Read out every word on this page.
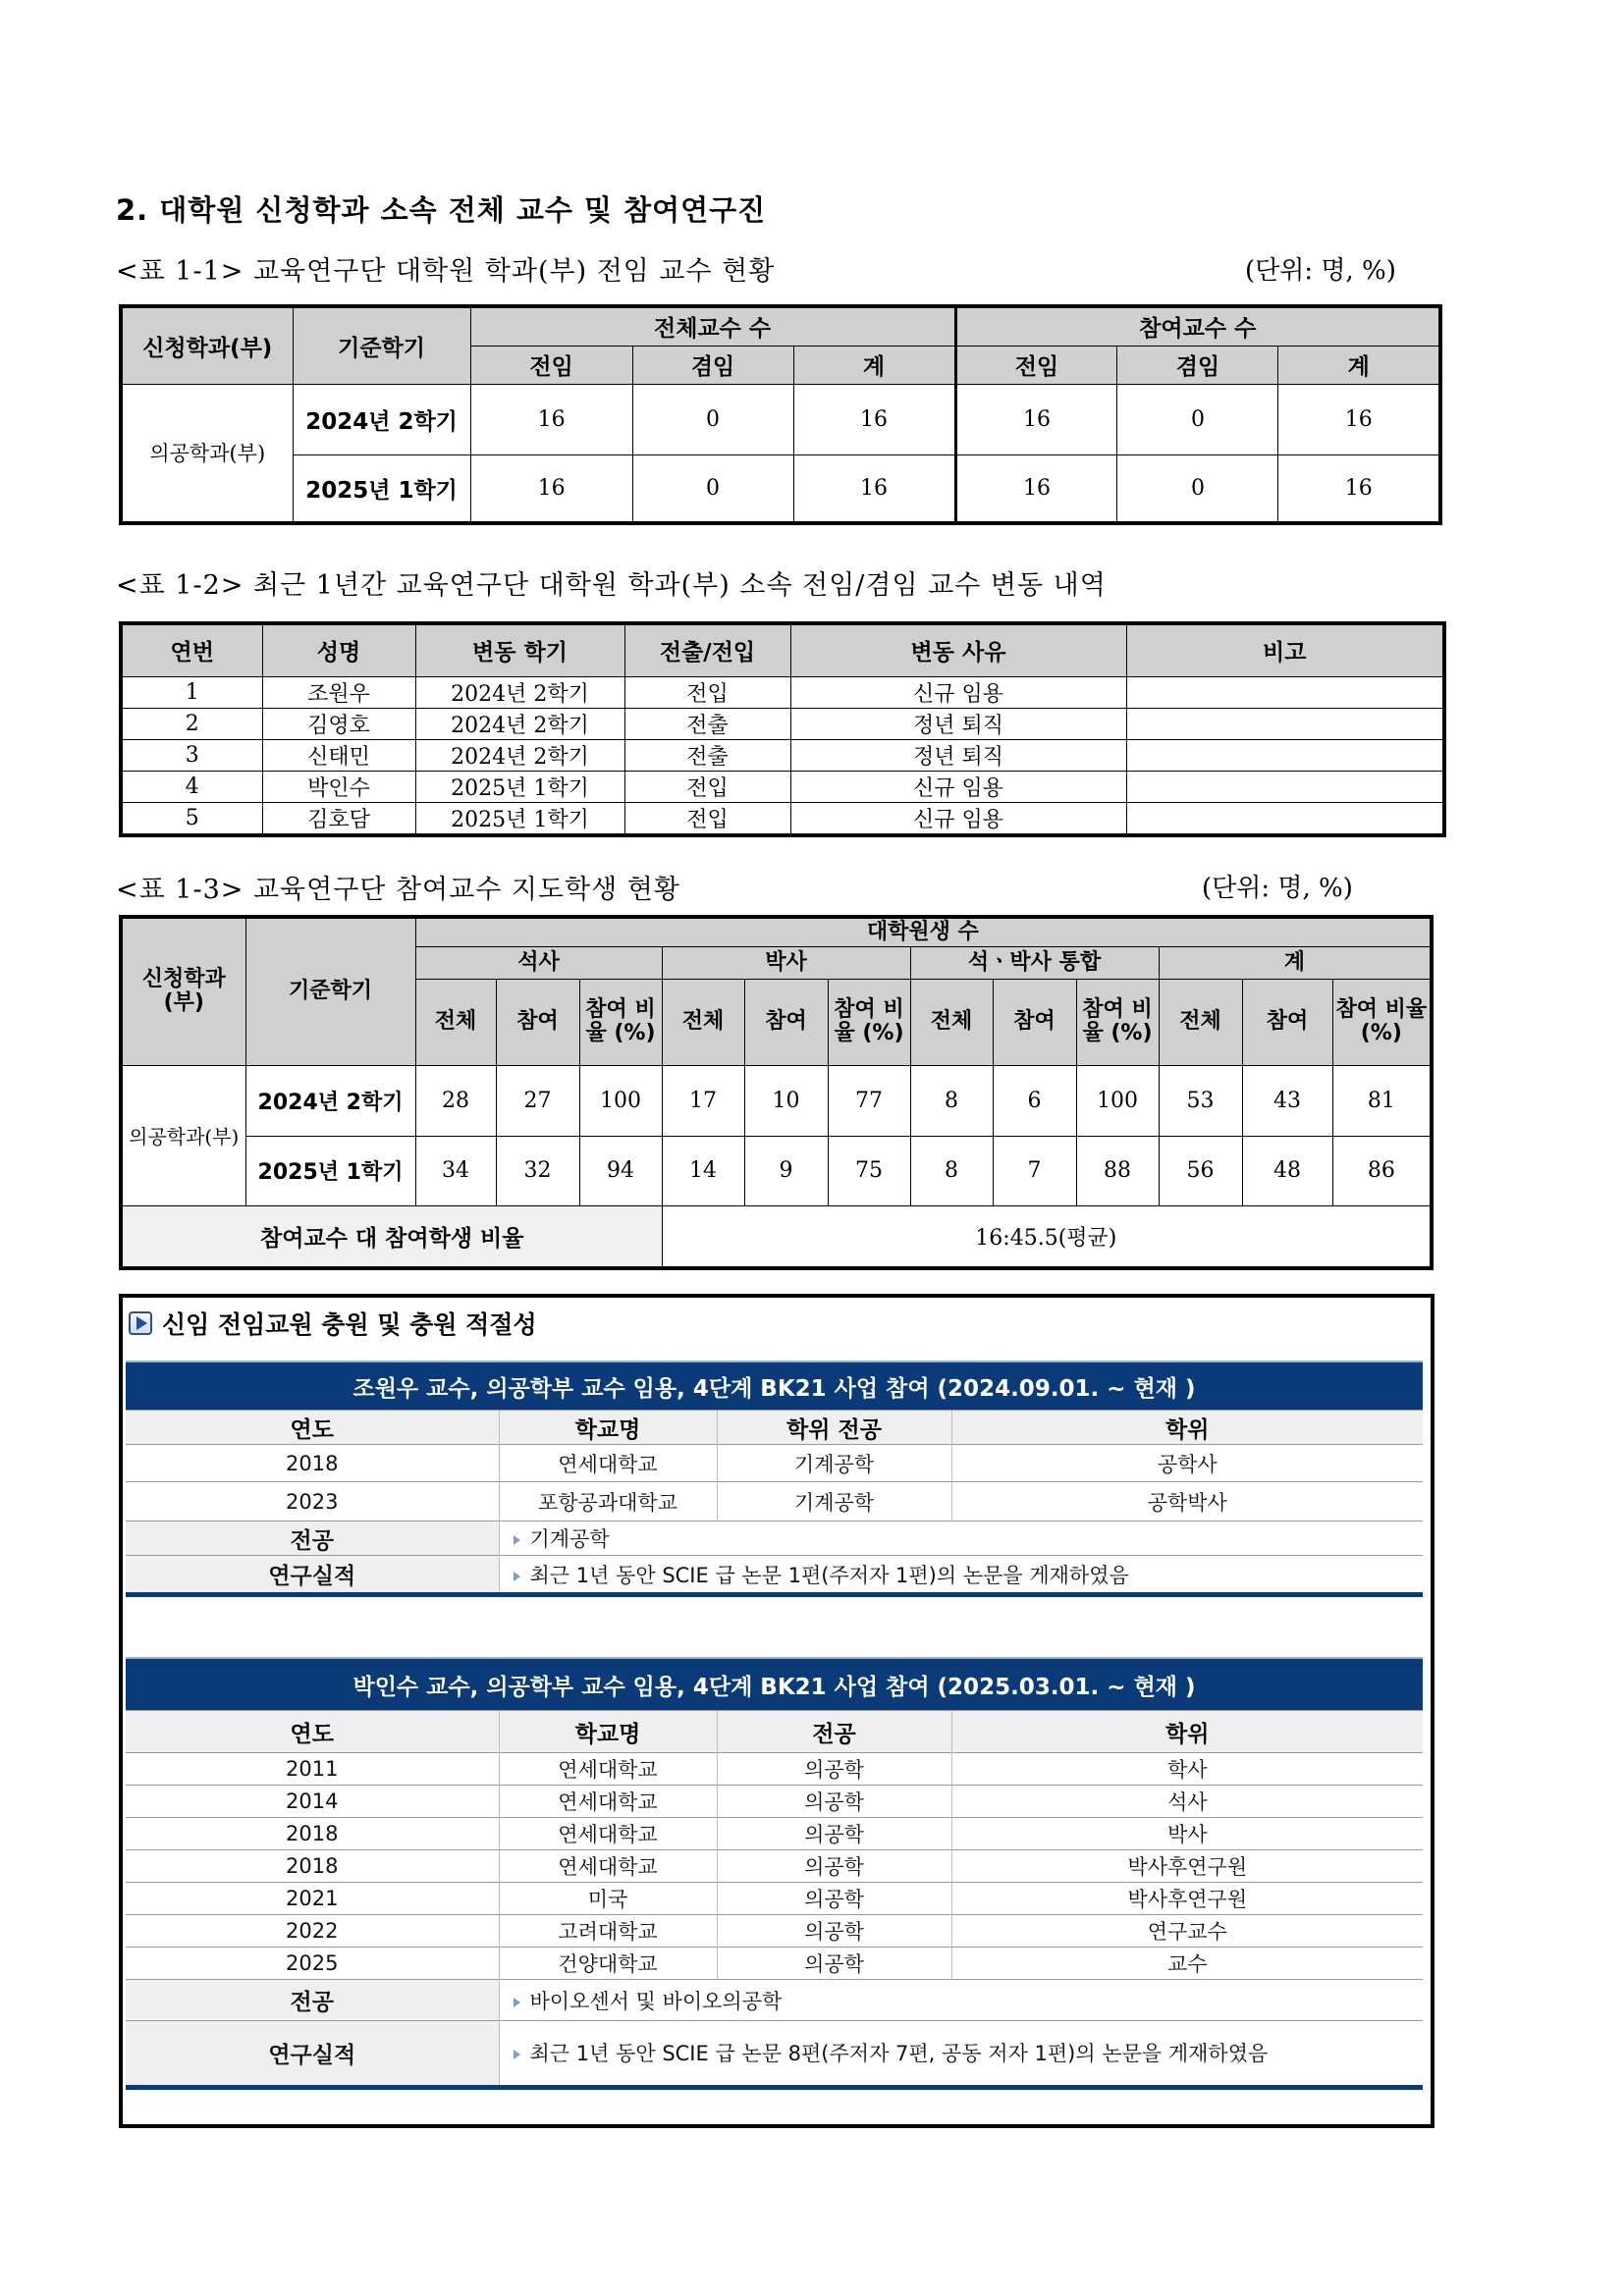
2. 대학원 신청학과 소속 전체 교수 및 참여연구진
<표 1-1> 교육연구단 대학원 학과(부) 전임 교수 현황	(단위: 명, %)
신청학과(부)	기준학기	전체교수 수			참여교수 수		
		전임	겸임	계	전임	겸임	계
의공학과(부)	2024년 2학기	16	0	16	16	0	16
	2025년 1학기	16	0	16	16	0	16
<표 1-2> 최근 1년간 교육연구단 대학원 학과(부) 소속 전임/겸임 교수 변동 내역
연번	성명	변동 학기	전출/전입	변동 사유	비고
1	조원우	2024년 2학기	전입	신규 임용	
2	김영호	2024년 2학기	전출	정년 퇴직	
3	신태민	2024년 2학기	전출	정년 퇴직	
4	박인수	2025년 1학기	전입	신규 임용	
5	김호담	2025년 1학기	전입	신규 임용	
<표 1-3> 교육연구단 참여교수 지도학생 현황	(단위: 명, %)
신청학과(부)	기준학기	대학원생 수											
		석사			박사			석ㆍ박사 통합			계		
		전체	참여	참여 비율 (%)	전체	참여	참여 비율 (%)	전체	참여	참여 비율 (%)	전체	참여	참여 비율 (%)
의공학과(부)	2024년 2학기	28	27	100	17	10	77	8	6	100	53	43	81
	2025년 1학기	34	32	94	14	9	75	8	7	88	56	48	86
참여교수 대 참여학생 비율					16:45.5(평균)								
신임 전임교원 충원 및 충원 적절성
조원우 교수, 의공학부 교수 임용, 4단계 BK21 사업 참여 (2024.09.01. ~ 현재 )			
연도	학교명	학위 전공	학위
2018	연세대학교	기계공학	공학사
2023	포항공과대학교	기계공학	공학박사
전공	기계공학		
연구실적	최근 1년 동안 SCIE 급 논문 1편(주저자 1편)의 논문을 게재하였음		
박인수 교수, 의공학부 교수 임용, 4단계 BK21 사업 참여 (2025.03.01. ~ 현재 )			
연도	학교명	전공	학위
2011	연세대학교	의공학	학사
2014	연세대학교	의공학	석사
2018	연세대학교	의공학	박사
2018	연세대학교	의공학	박사후연구원
2021	미국	의공학	박사후연구원
2022	고려대학교	의공학	연구교수
2025	건양대학교	의공학	교수
전공	바이오센서 및 바이오의공학		
연구실적	최근 1년 동안 SCIE 급 논문 8편(주저자 7편, 공동 저자 1편)의 논문을 게재하였음		
